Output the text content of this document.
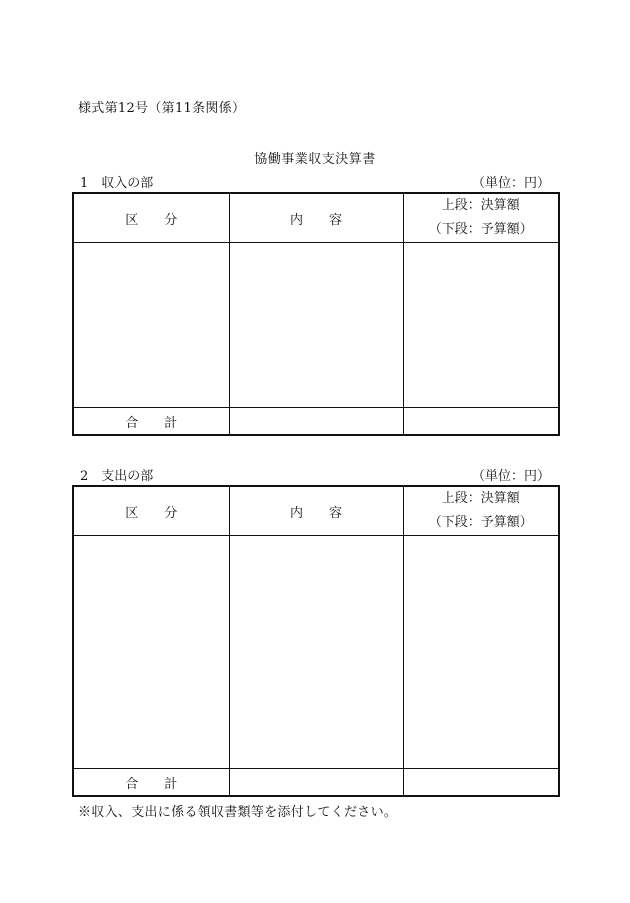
様式第12号（第11条関係）
協働事業収支決算書
1　収入の部	（単位：円）
区　　分	内　　容	上段：決算額
（下段：予算額）

合　　計		
2　支出の部	（単位：円）
区　　分	内　　容	上段：決算額
（下段：予算額）

合　　計		
※収入、支出に係る領収書類等を添付してください。
